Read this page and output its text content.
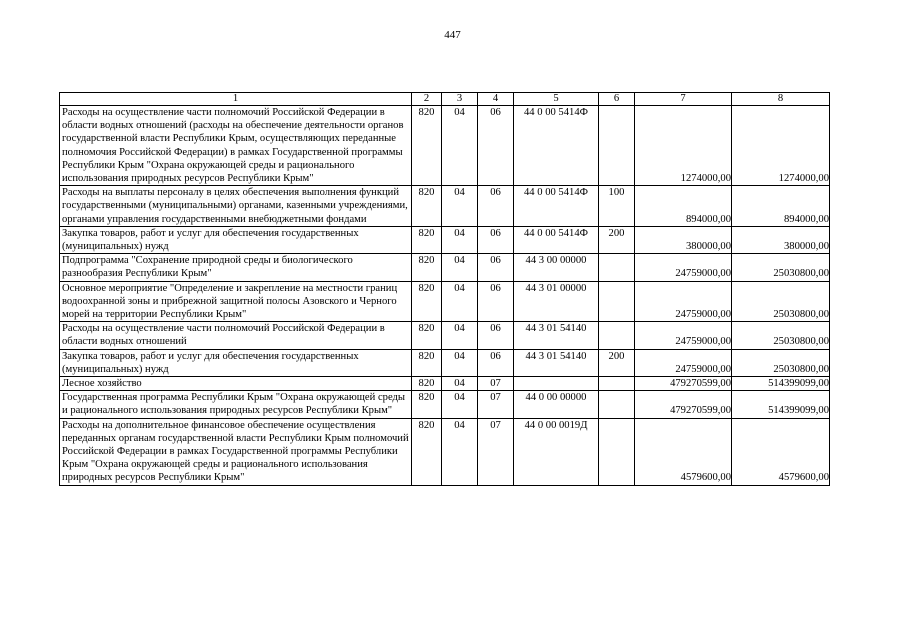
447
1	2	3	4	5	6	7	8
Расходы на осуществление части полномочий Российской Федерации в области водных отношений (расходы на обеспечение деятельности органов государственной власти Республики Крым, осуществляющих переданные полномочия Российской Федерации) в рамках Государственной программы Республики Крым "Охрана окружающей среды и рационального использования природных ресурсов Республики Крым"	820	04	06	44 0 00 5414Ф		1274000,00	1274000,00
Расходы на выплаты персоналу в целях обеспечения выполнения функций государственными (муниципальными) органами, казенными учреждениями, органами управления государственными внебюджетными фондами	820	04	06	44 0 00 5414Ф	100	894000,00	894000,00
Закупка товаров, работ и услуг для обеспечения государственных (муниципальных) нужд	820	04	06	44 0 00 5414Ф	200	380000,00	380000,00
Подпрограмма "Сохранение природной среды и биологического разнообразия Республики Крым"	820	04	06	44 3 00 00000		24759000,00	25030800,00
Основное мероприятие "Определение и закрепление на местности границ водоохранной зоны и прибрежной защитной полосы Азовского и Черного морей на территории Республики Крым"	820	04	06	44 3 01 00000		24759000,00	25030800,00
Расходы на осуществление части полномочий Российской Федерации в области водных отношений	820	04	06	44 3 01 54140		24759000,00	25030800,00
Закупка товаров, работ и услуг для обеспечения государственных (муниципальных) нужд	820	04	06	44 3 01 54140	200	24759000,00	25030800,00
Лесное хозяйство	820	04	07			479270599,00	514399099,00
Государственная программа Республики Крым "Охрана окружающей среды и рационального использования природных ресурсов Республики Крым"	820	04	07	44 0 00 00000		479270599,00	514399099,00
Расходы на дополнительное финансовое обеспечение осуществления переданных органам государственной власти Республики Крым полномочий Российской Федерации в рамках Государственной программы Республики Крым "Охрана окружающей среды и рационального использования природных ресурсов Республики Крым"	820	04	07	44 0 00 0019Д		4579600,00	4579600,00
